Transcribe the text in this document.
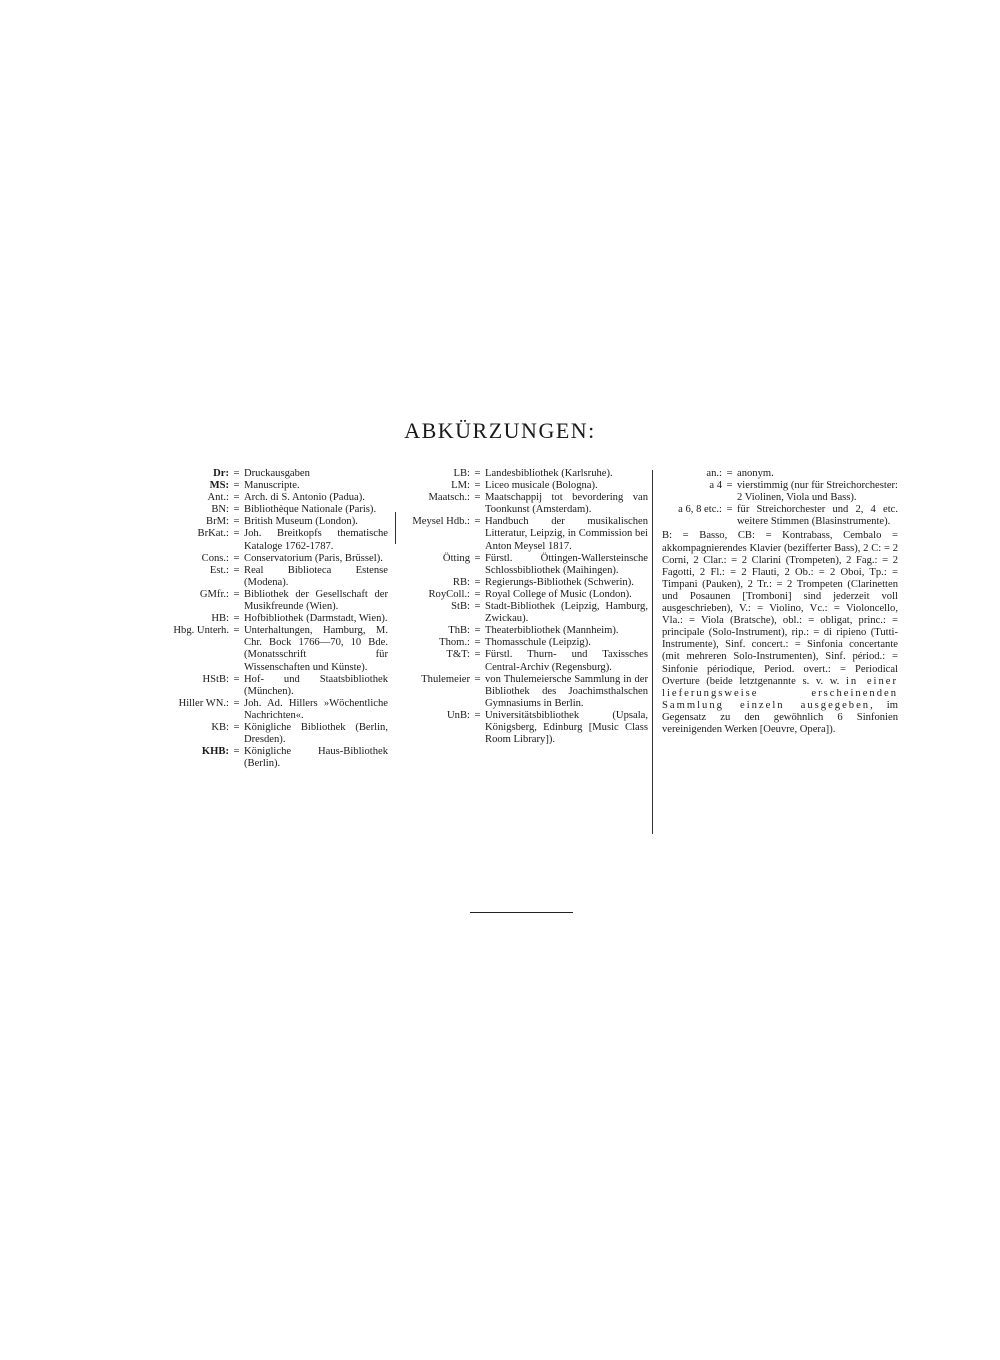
ABKÜRZUNGEN:
Dr: = Druckausgaben
MS: = Manuscripte.
Ant.: = Arch. di S. Antonio (Padua).
BN: = Bibliothèque Nationale (Paris).
BrM: = British Museum (London).
BrKat.: = Joh. Breitkopfs thematische Kataloge 1762-1787.
Cons.: = Conservatorium (Paris, Brüssel).
Est.: = Real Biblioteca Estense (Modena).
GMfr.: = Bibliothek der Gesellschaft der Musikfreunde (Wien).
HB: = Hofbibliothek (Darmstadt, Wien).
Hbg. Unterh. = Unterhaltungen, Hamburg, M. Chr. Bock 1766—70, 10 Bde. (Monatsschrift für Wissenschaften und Künste).
HStB: = Hof- und Staatsbibliothek (München).
Hiller WN.: = Joh. Ad. Hillers »Wöchentliche Nachrichten«.
KB: = Königliche Bibliothek (Berlin, Dresden).
KHB: = Königliche Haus-Bibliothek (Berlin).
LB: = Landesbibliothek (Karlsruhe).
LM: = Liceo musicale (Bologna).
Maatsch.: = Maatschappij tot bevordering van Toonkunst (Amsterdam).
Meysel Hdb.: = Handbuch der musikalischen Litteratur, Leipzig, in Commission bei Anton Meysel 1817.
Ötting = Fürstl. Öttingen-Wallersteinsche Schlossbibliothek (Maihingen).
RB: = Regierungs-Bibliothek (Schwerin).
RoyColl.: = Royal College of Music (London).
StB: = Stadt-Bibliothek (Leipzig, Hamburg, Zwickau).
ThB: = Theaterbibliothek (Mannheim).
Thom.: = Thomasschule (Leipzig).
T&T: = Fürstl. Thurn- und Taxissches Central-Archiv (Regensburg).
Thulemeier = von Thulemeiersche Sammlung in der Bibliothek des Joachimsthalschen Gymnasiums in Berlin.
UnB: = Universitätsbibliothek (Upsala, Königsberg, Edinburg [Music Class Room Library]).
an.: = anonym.
a 4 = vierstimmig (nur für Streichorchester: 2 Violinen, Viola und Bass).
a 6, 8 etc.: = für Streichorchester und 2, 4 etc. weitere Stimmen (Blasinstrumente).
B: = Basso, CB: = Kontrabass, Cembalo = akkompagnierendes Klavier (bezifferter Bass), 2 C: = 2 Corni, 2 Clar.: = 2 Clarini (Trompeten), 2 Fag.: = 2 Fagotti, 2 Fl.: = 2 Flauti, 2 Ob.: = 2 Oboi, Tp.: = Timpani (Pauken), 2 Tr.: = 2 Trompeten (Clarinetten und Posaunen [Tromboni] sind jederzeit voll ausgeschrieben), V.: = Violino, Vc.: = Violoncello, Vla.: = Viola (Bratsche), obl.: = obligat, princ.: = principale (Solo-Instrument), rip.: = di ripieno (Tutti-Instrumente), Sinf. concert.: = Sinfonia concertante (mit mehreren Solo-Instrumenten), Sinf. périod.: = Sinfonie périodique, Period. overt.: = Periodical Overture (beide letztgenannte s. v. w. in einer lieferungsweise erscheinenden Sammlung einzeln ausgegeben, im Gegensatz zu den gewöhnlich 6 Sinfonien vereinigenden Werken [Oeuvre, Opera]).
